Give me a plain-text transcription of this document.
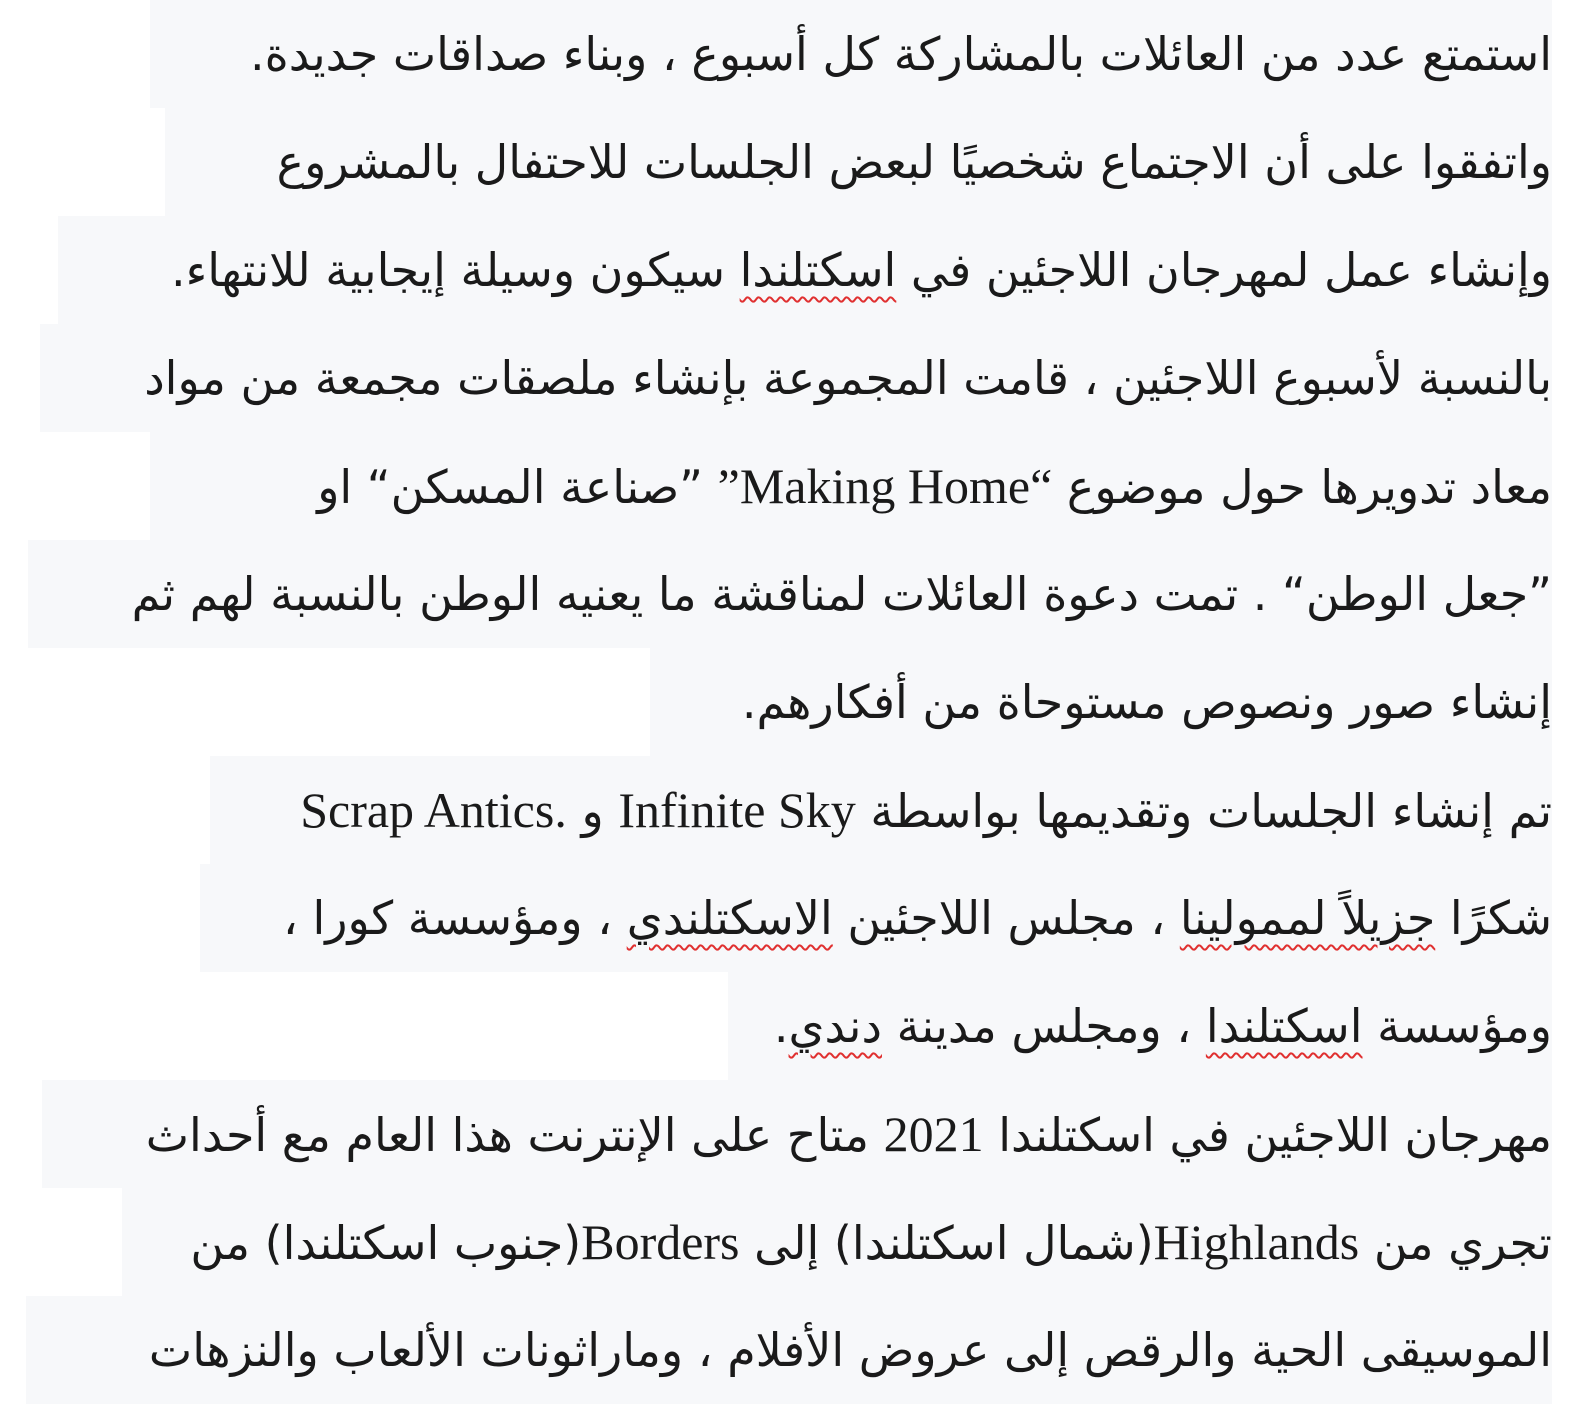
استمتع عدد من العائلات بالمشاركة كل أسبوع ، وبناء صداقات جديدة.
واتفقوا على أن الاجتماع شخصيًا لبعض الجلسات للاحتفال بالمشروع
وإنشاء عمل لمهرجان اللاجئين في اسكتلندا سيكون وسيلة إيجابية للانتهاء.
بالنسبة لأسبوع اللاجئين ، قامت المجموعة بإنشاء ملصقات مجمعة من مواد
معاد تدويرها حول موضوع “Making Home” ”صناعة المسكن“ او
”جعل الوطن“ . تمت دعوة العائلات لمناقشة ما يعنيه الوطن بالنسبة لهم ثم
إنشاء صور ونصوص مستوحاة من أفكارهم.
تم إنشاء الجلسات وتقديمها بواسطة Infinite Sky و .Scrap Antics
شكرًا جزيلاً لممولينا ، مجلس اللاجئين الاسكتلندي ، ومؤسسة كورا ،
ومؤسسة اسكتلندا ، ومجلس مدينة دندي.
مهرجان اللاجئين في اسكتلندا 2021 متاح على الإنترنت هذا العام مع أحداث
تجري من Highlands(شمال اسكتلندا) إلى Borders(جنوب اسكتلندا) من
الموسيقى الحية والرقص إلى عروض الأفلام ، وماراثونات الألعاب والنزهات
